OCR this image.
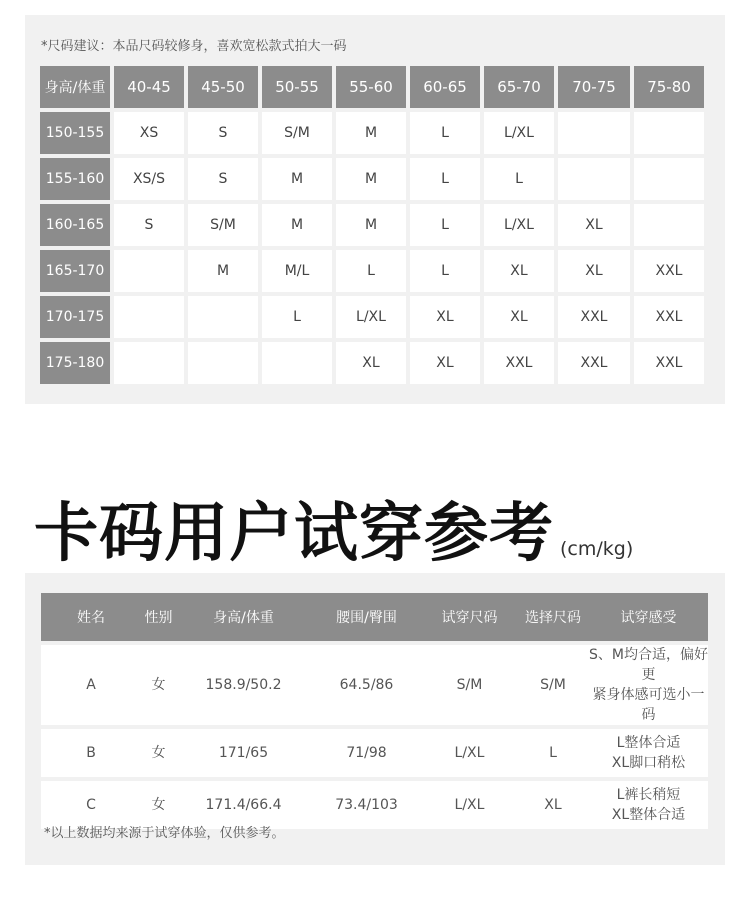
*尺码建议：本品尺码较修身，喜欢宽松款式拍大一码
身高/体重	40-45	45-50	50-55	55-60	60-65	65-70	70-75	75-80
150-155	XS	S	S/M	M	L	L/XL		
155-160	XS/S	S	M	M	L	L		
160-165	S	S/M	M	M	L	L/XL	XL	
165-170		M	M/L	L	L	XL	XL	XXL
170-175			L	L/XL	XL	XL	XXL	XXL
175-180				XL	XL	XXL	XXL	XXL
卡码用户试穿参考 (cm/kg)
姓名	性别	身高/体重	腰围/臀围	试穿尺码	选择尺码	试穿感受
A	女	158.9/50.2	64.5/86	S/M	S/M	S、M均合适，偏好更
紧身体感可选小一码

B	女	171/65	71/98	L/XL	L	L整体合适
XL脚口稍松

C	女	171.4/66.4	73.4/103	L/XL	XL	L裤长稍短
XL整体合适
*以上数据均来源于试穿体验，仅供参考。
